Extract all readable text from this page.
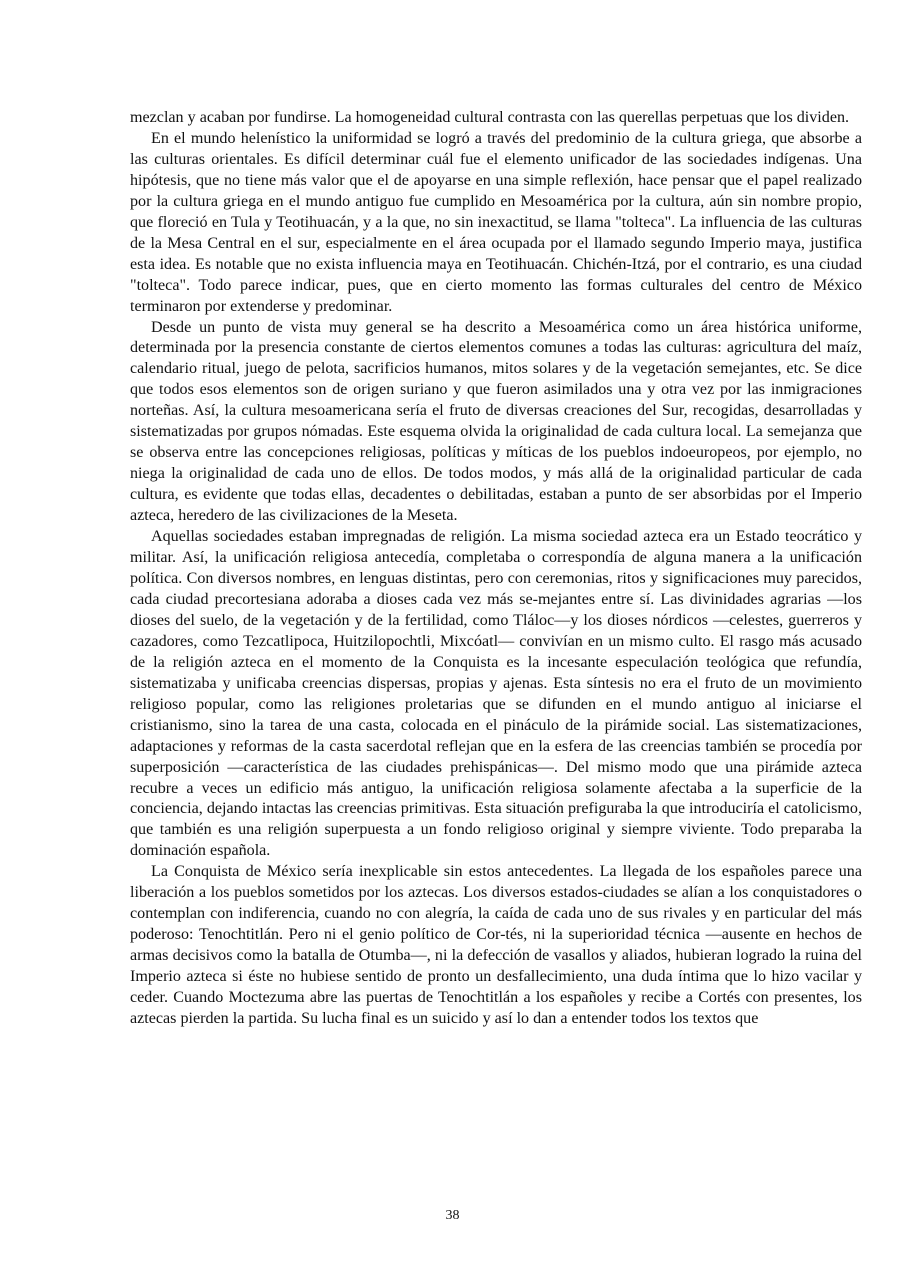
mezclan y acaban por fundirse. La homogeneidad cultural contrasta con las querellas perpetuas que los dividen.

En el mundo helenístico la uniformidad se logró a través del predominio de la cultura griega, que absorbe a las culturas orientales. Es difícil determinar cuál fue el elemento unificador de las sociedades indígenas. Una hipótesis, que no tiene más valor que el de apoyarse en una simple reflexión, hace pensar que el papel realizado por la cultura griega en el mundo antiguo fue cumplido en Mesoamérica por la cultura, aún sin nombre propio, que floreció en Tula y Teotihuacán, y a la que, no sin inexactitud, se llama "tolteca". La influencia de las culturas de la Mesa Central en el sur, especialmente en el área ocupada por el llamado segundo Imperio maya, justifica esta idea. Es notable que no exista influencia maya en Teotihuacán. Chichén-Itzá, por el contrario, es una ciudad "tolteca". Todo parece indicar, pues, que en cierto momento las formas culturales del centro de México terminaron por extenderse y predominar.

Desde un punto de vista muy general se ha descrito a Mesoamérica como un área histórica uniforme, determinada por la presencia constante de ciertos elementos comunes a todas las culturas: agricultura del maíz, calendario ritual, juego de pelota, sacrificios humanos, mitos solares y de la vegetación semejantes, etc. Se dice que todos esos elementos son de origen suriano y que fueron asimilados una y otra vez por las inmigraciones norteñas. Así, la cultura mesoamericana sería el fruto de diversas creaciones del Sur, recogidas, desarrolladas y sistematizadas por grupos nómadas. Este esquema olvida la originalidad de cada cultura local. La semejanza que se observa entre las concepciones religiosas, políticas y míticas de los pueblos indoeuropeos, por ejemplo, no niega la originalidad de cada uno de ellos. De todos modos, y más allá de la originalidad particular de cada cultura, es evidente que todas ellas, decadentes o debilitadas, estaban a punto de ser absorbidas por el Imperio azteca, heredero de las civilizaciones de la Meseta.

Aquellas sociedades estaban impregnadas de religión. La misma sociedad azteca era un Estado teocrático y militar. Así, la unificación religiosa antecedía, completaba o correspondía de alguna manera a la unificación política. Con diversos nombres, en lenguas distintas, pero con ceremonias, ritos y significaciones muy parecidos, cada ciudad precortesiana adoraba a dioses cada vez más se-mejantes entre sí. Las divinidades agrarias —los dioses del suelo, de la vegetación y de la fertilidad, como Tláloc—y los dioses nórdicos —celestes, guerreros y cazadores, como Tezcatlipoca, Huitzilopochtli, Mixcóatl— convivían en un mismo culto. El rasgo más acusado de la religión azteca en el momento de la Conquista es la incesante especulación teológica que refundía, sistematizaba y unificaba creencias dispersas, propias y ajenas. Esta síntesis no era el fruto de un movimiento religioso popular, como las religiones proletarias que se difunden en el mundo antiguo al iniciarse el cristianismo, sino la tarea de una casta, colocada en el pináculo de la pirámide social. Las sistematizaciones, adaptaciones y reformas de la casta sacerdotal reflejan que en la esfera de las creencias también se procedía por superposición —característica de las ciudades prehispánicas—. Del mismo modo que una pirámide azteca recubre a veces un edificio más antiguo, la unificación religiosa solamente afectaba a la superficie de la conciencia, dejando intactas las creencias primitivas. Esta situación prefiguraba la que introduciría el catolicismo, que también es una religión superpuesta a un fondo religioso original y siempre viviente. Todo preparaba la dominación española.

La Conquista de México sería inexplicable sin estos antecedentes. La llegada de los españoles parece una liberación a los pueblos sometidos por los aztecas. Los diversos estados-ciudades se alían a los conquistadores o contemplan con indiferencia, cuando no con alegría, la caída de cada uno de sus rivales y en particular del más poderoso: Tenochtitlán. Pero ni el genio político de Cor-tés, ni la superioridad técnica —ausente en hechos de armas decisivos como la batalla de Otumba—, ni la defección de vasallos y aliados, hubieran logrado la ruina del Imperio azteca si éste no hubiese sentido de pronto un desfallecimiento, una duda íntima que lo hizo vacilar y ceder. Cuando Moctezuma abre las puertas de Tenochtitlán a los españoles y recibe a Cortés con presentes, los aztecas pierden la partida. Su lucha final es un suicido y así lo dan a entender todos los textos que

38
